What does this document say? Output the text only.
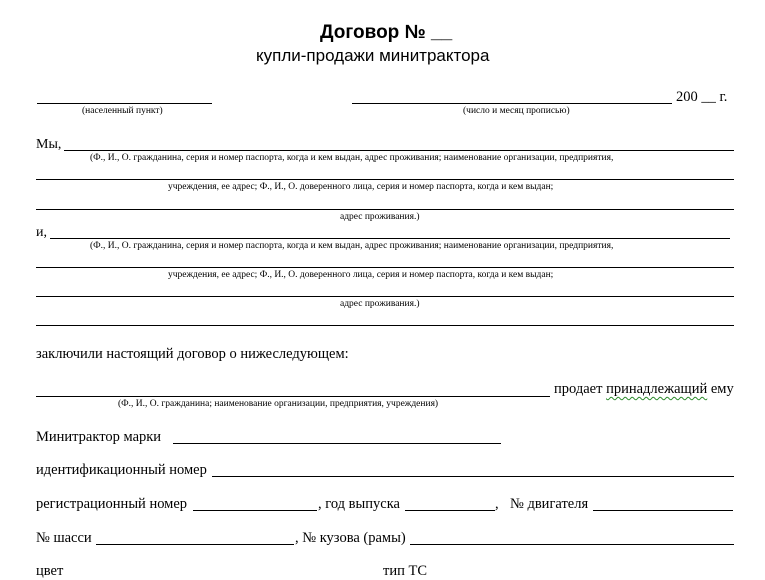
Договор № __
купли-продажи минитрактора
(населенный пункт)
200 __ г.
(число и месяц прописью)
Мы,
(Ф., И., О. гражданина, серия и номер паспорта, когда и кем выдан, адрес проживания; наименование организации, предприятия,
учреждения, ее адрес; Ф., И., О. доверенного лица, серия и номер паспорта, когда и кем выдан;
адрес проживания.)
и,
(Ф., И., О. гражданина, серия и номер паспорта, когда и кем выдан, адрес проживания; наименование организации, предприятия,
учреждения, ее адрес; Ф., И., О. доверенного лица, серия и номер паспорта, когда и кем выдан;
адрес проживания.)
заключили настоящий договор о нижеследующем:
продает принадлежащий ему
(Ф., И., О. гражданина; наименование организации, предприятия, учреждения)
Минитрактор марки
идентификационный номер
регистрационный номер	, год выпуска	, № двигателя
№ шасси	, № кузова (рамы)
цвет	тип ТС
